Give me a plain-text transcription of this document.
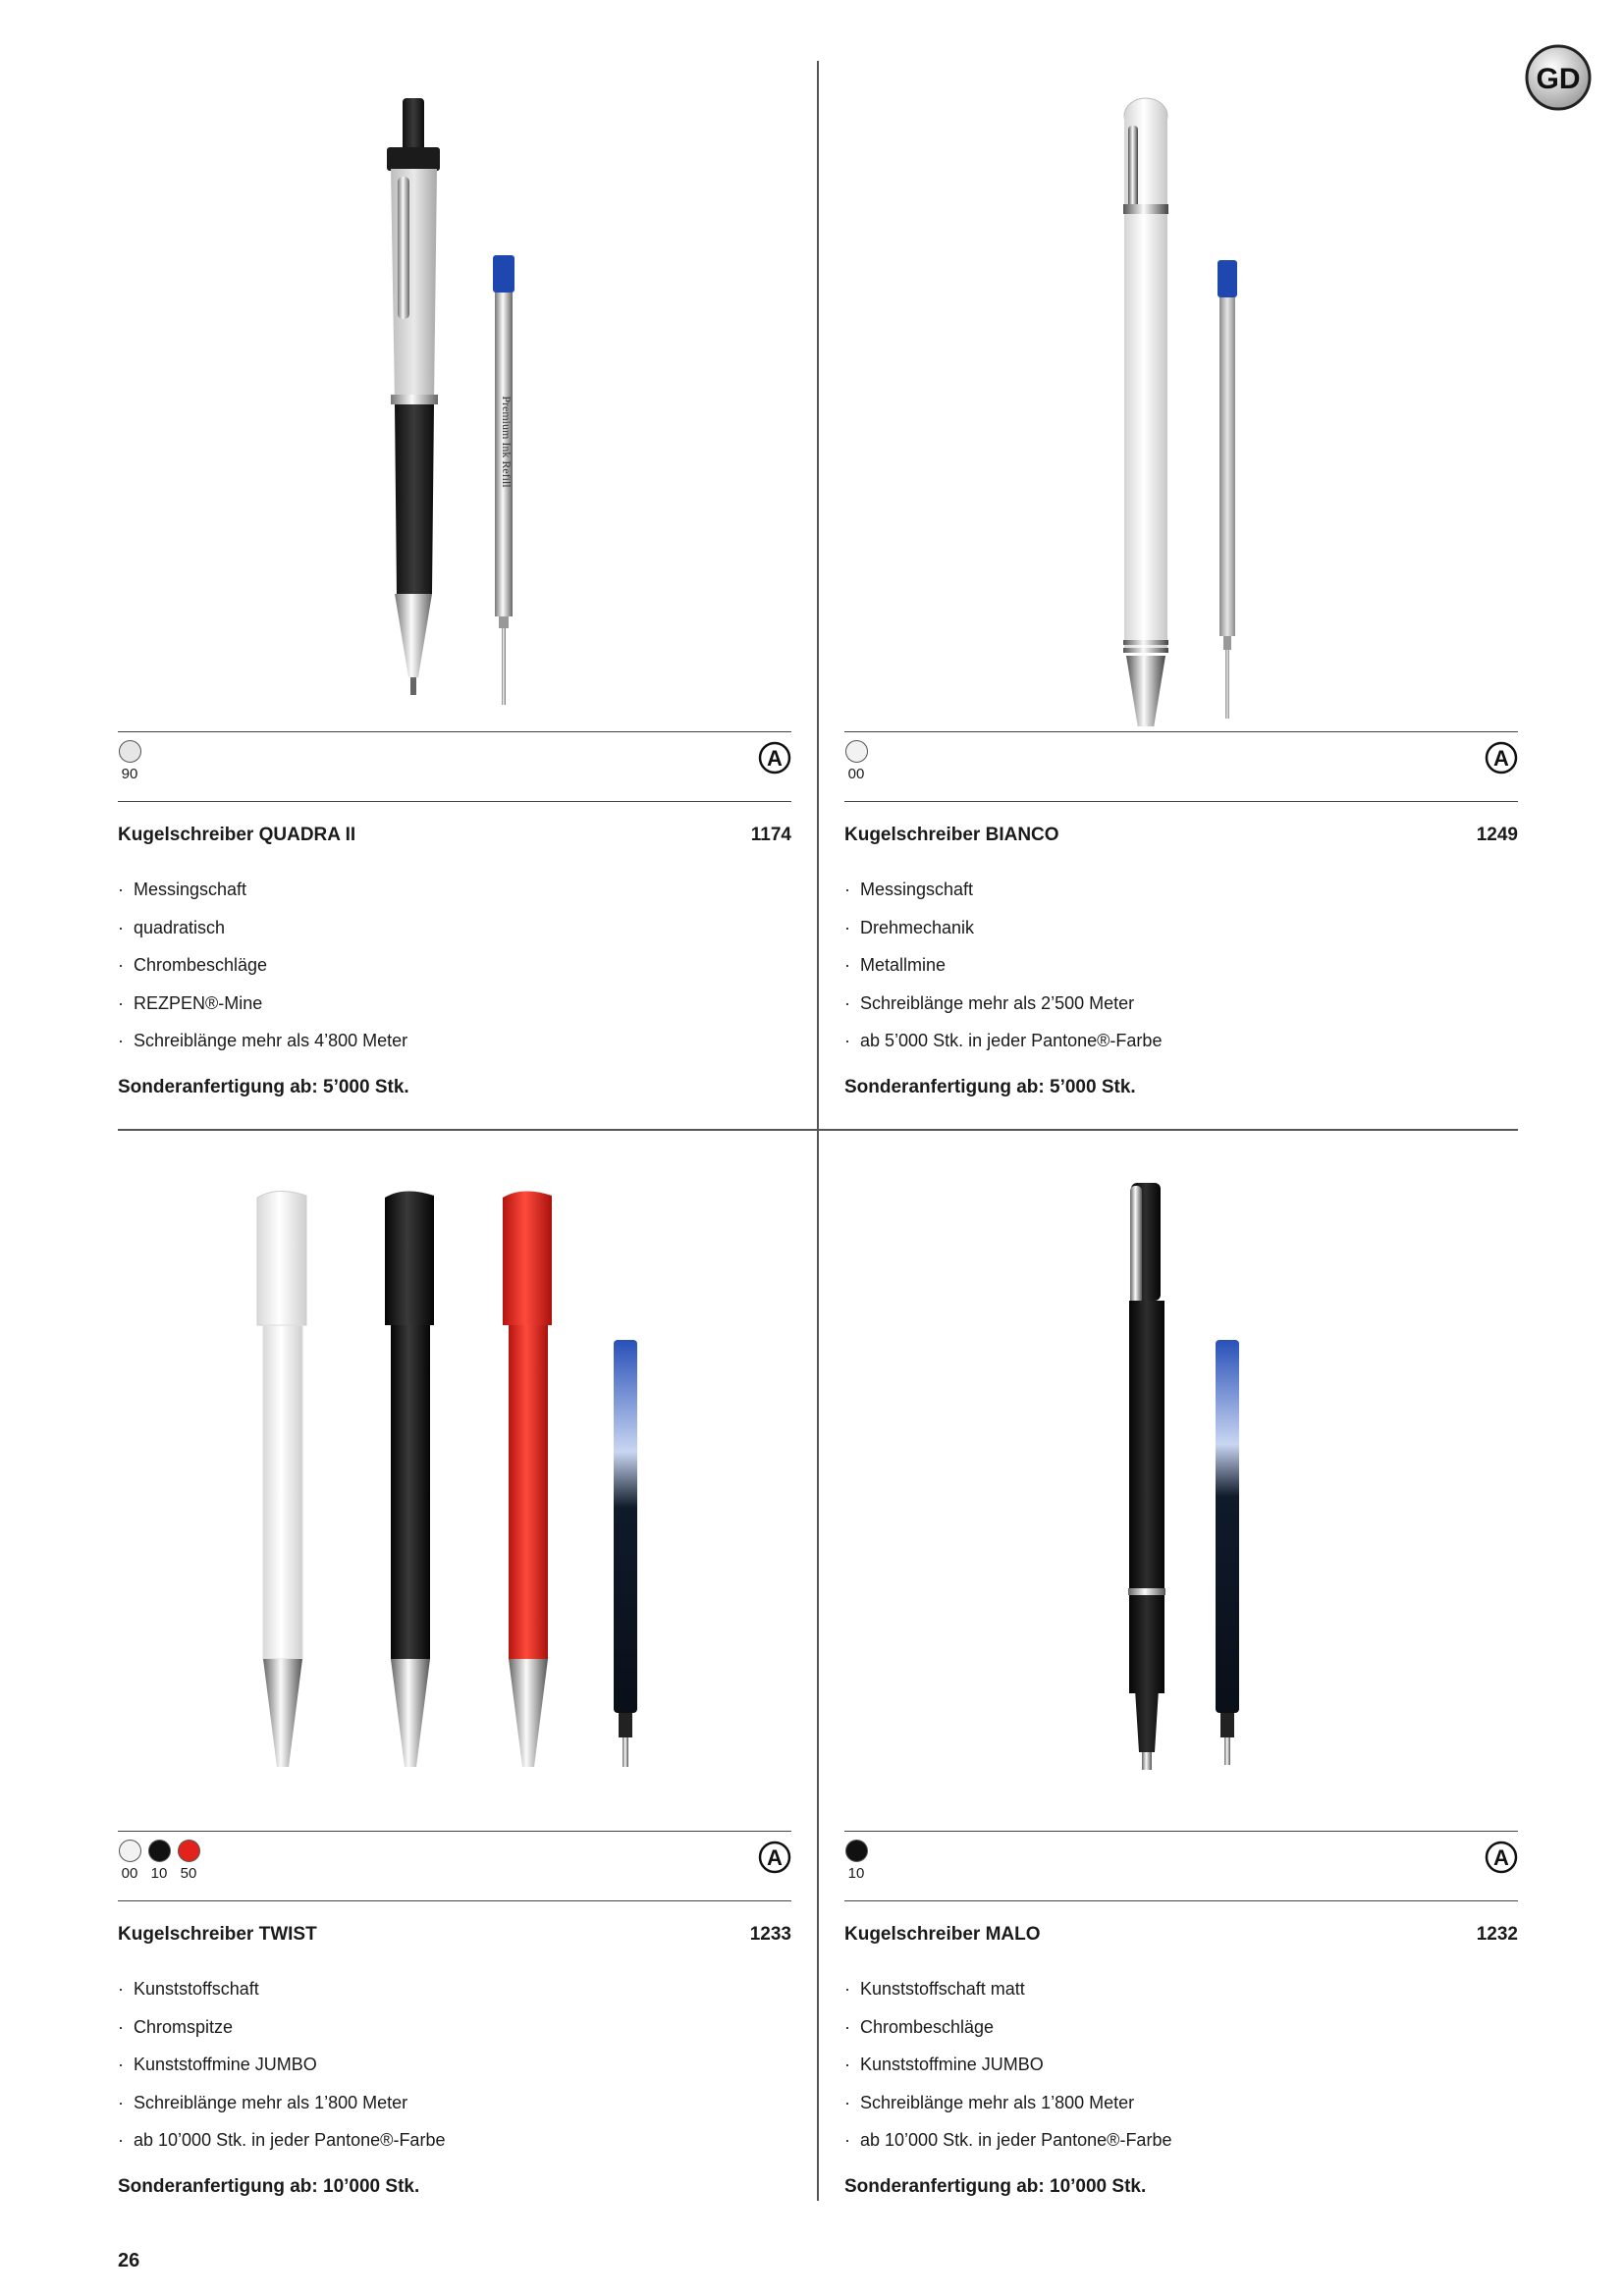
GD
Premium Ink Refill
90
A
Kugelschreiber QUADRA II	1174
· Messingschaft
· quadratisch
· Chrombeschläge
· REZPEN®-Mine
· Schreiblänge mehr als 4’800 Meter
Sonderanfertigung ab: 5’000 Stk.
00
A
Kugelschreiber BIANCO	1249
· Messingschaft
· Drehmechanik
· Metallmine
· Schreiblänge mehr als 2’500 Meter
· ab 5’000 Stk. in jeder Pantone®-Farbe
Sonderanfertigung ab: 5’000 Stk.
00 10 50
A
Kugelschreiber TWIST	1233
· Kunststoffschaft
· Chromspitze
· Kunststoffmine JUMBO
· Schreiblänge mehr als 1’800 Meter
· ab 10’000 Stk. in jeder Pantone®-Farbe
Sonderanfertigung ab: 10’000 Stk.
10
A
Kugelschreiber MALO	1232
· Kunststoffschaft matt
· Chrombeschläge
· Kunststoffmine JUMBO
· Schreiblänge mehr als 1’800 Meter
· ab 10’000 Stk. in jeder Pantone®-Farbe
Sonderanfertigung ab: 10’000 Stk.
26
